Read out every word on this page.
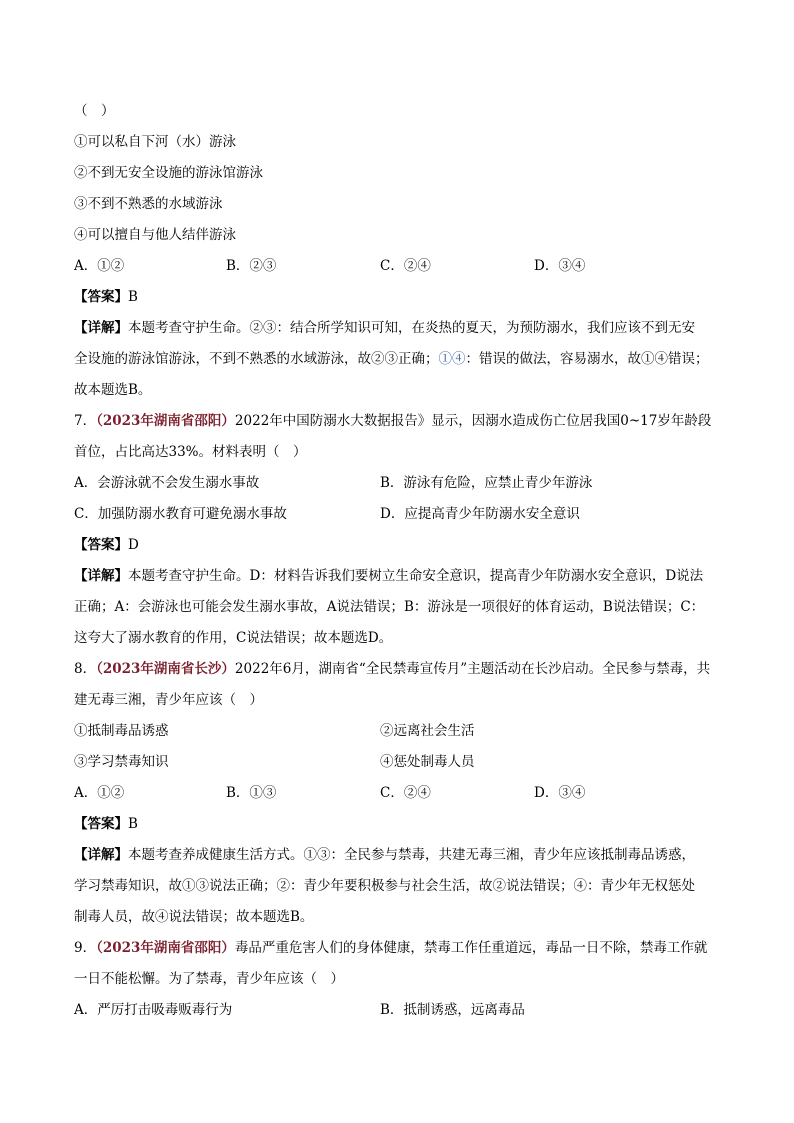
（　）
①可以私自下河（水）游泳
②不到无安全设施的游泳馆游泳
③不到不熟悉的水域游泳
④可以擅自与他人结伴游泳
A．①②	B．②③	C．②④	D．③④
【答案】B
【详解】本题考查守护生命。②③：结合所学知识可知，在炎热的夏天，为预防溺水，我们应该不到无安
全设施的游泳馆游泳，不到不熟悉的水域游泳，故②③正确；①④：错误的做法，容易溺水，故①④错误；
故本题选B。
7．（2023年湖南省邵阳）2022年中国防溺水大数据报告》显示，因溺水造成伤亡位居我国0~17岁年龄段
首位，占比高达33%。材料表明（　）
A．会游泳就不会发生溺水事故	B．游泳有危险，应禁止青少年游泳
C．加强防溺水教育可避免溺水事故	D．应提高青少年防溺水安全意识
【答案】D
【详解】本题考查守护生命。D：材料告诉我们要树立生命安全意识，提高青少年防溺水安全意识，D说法
正确；A：会游泳也可能会发生溺水事故，A说法错误；B：游泳是一项很好的体育运动，B说法错误；C：
这夸大了溺水教育的作用，C说法错误；故本题选D。
8．（2023年湖南省长沙）2022年6月，湖南省“全民禁毒宣传月”主题活动在长沙启动。全民参与禁毒，共
建无毒三湘，青少年应该（　）
①抵制毒品诱惑	②远离社会生活
③学习禁毒知识	④惩处制毒人员
A．①②	B．①③	C．②④	D．③④
【答案】B
【详解】本题考查养成健康生活方式。①③：全民参与禁毒，共建无毒三湘，青少年应该抵制毒品诱惑，
学习禁毒知识，故①③说法正确；②：青少年要积极参与社会生活，故②说法错误；④：青少年无权惩处
制毒人员，故④说法错误；故本题选B。
9．（2023年湖南省邵阳）毒品严重危害人们的身体健康，禁毒工作任重道远，毒品一日不除，禁毒工作就
一日不能松懈。为了禁毒，青少年应该（　）
A．严厉打击吸毒贩毒行为	B．抵制诱惑，远离毒品
